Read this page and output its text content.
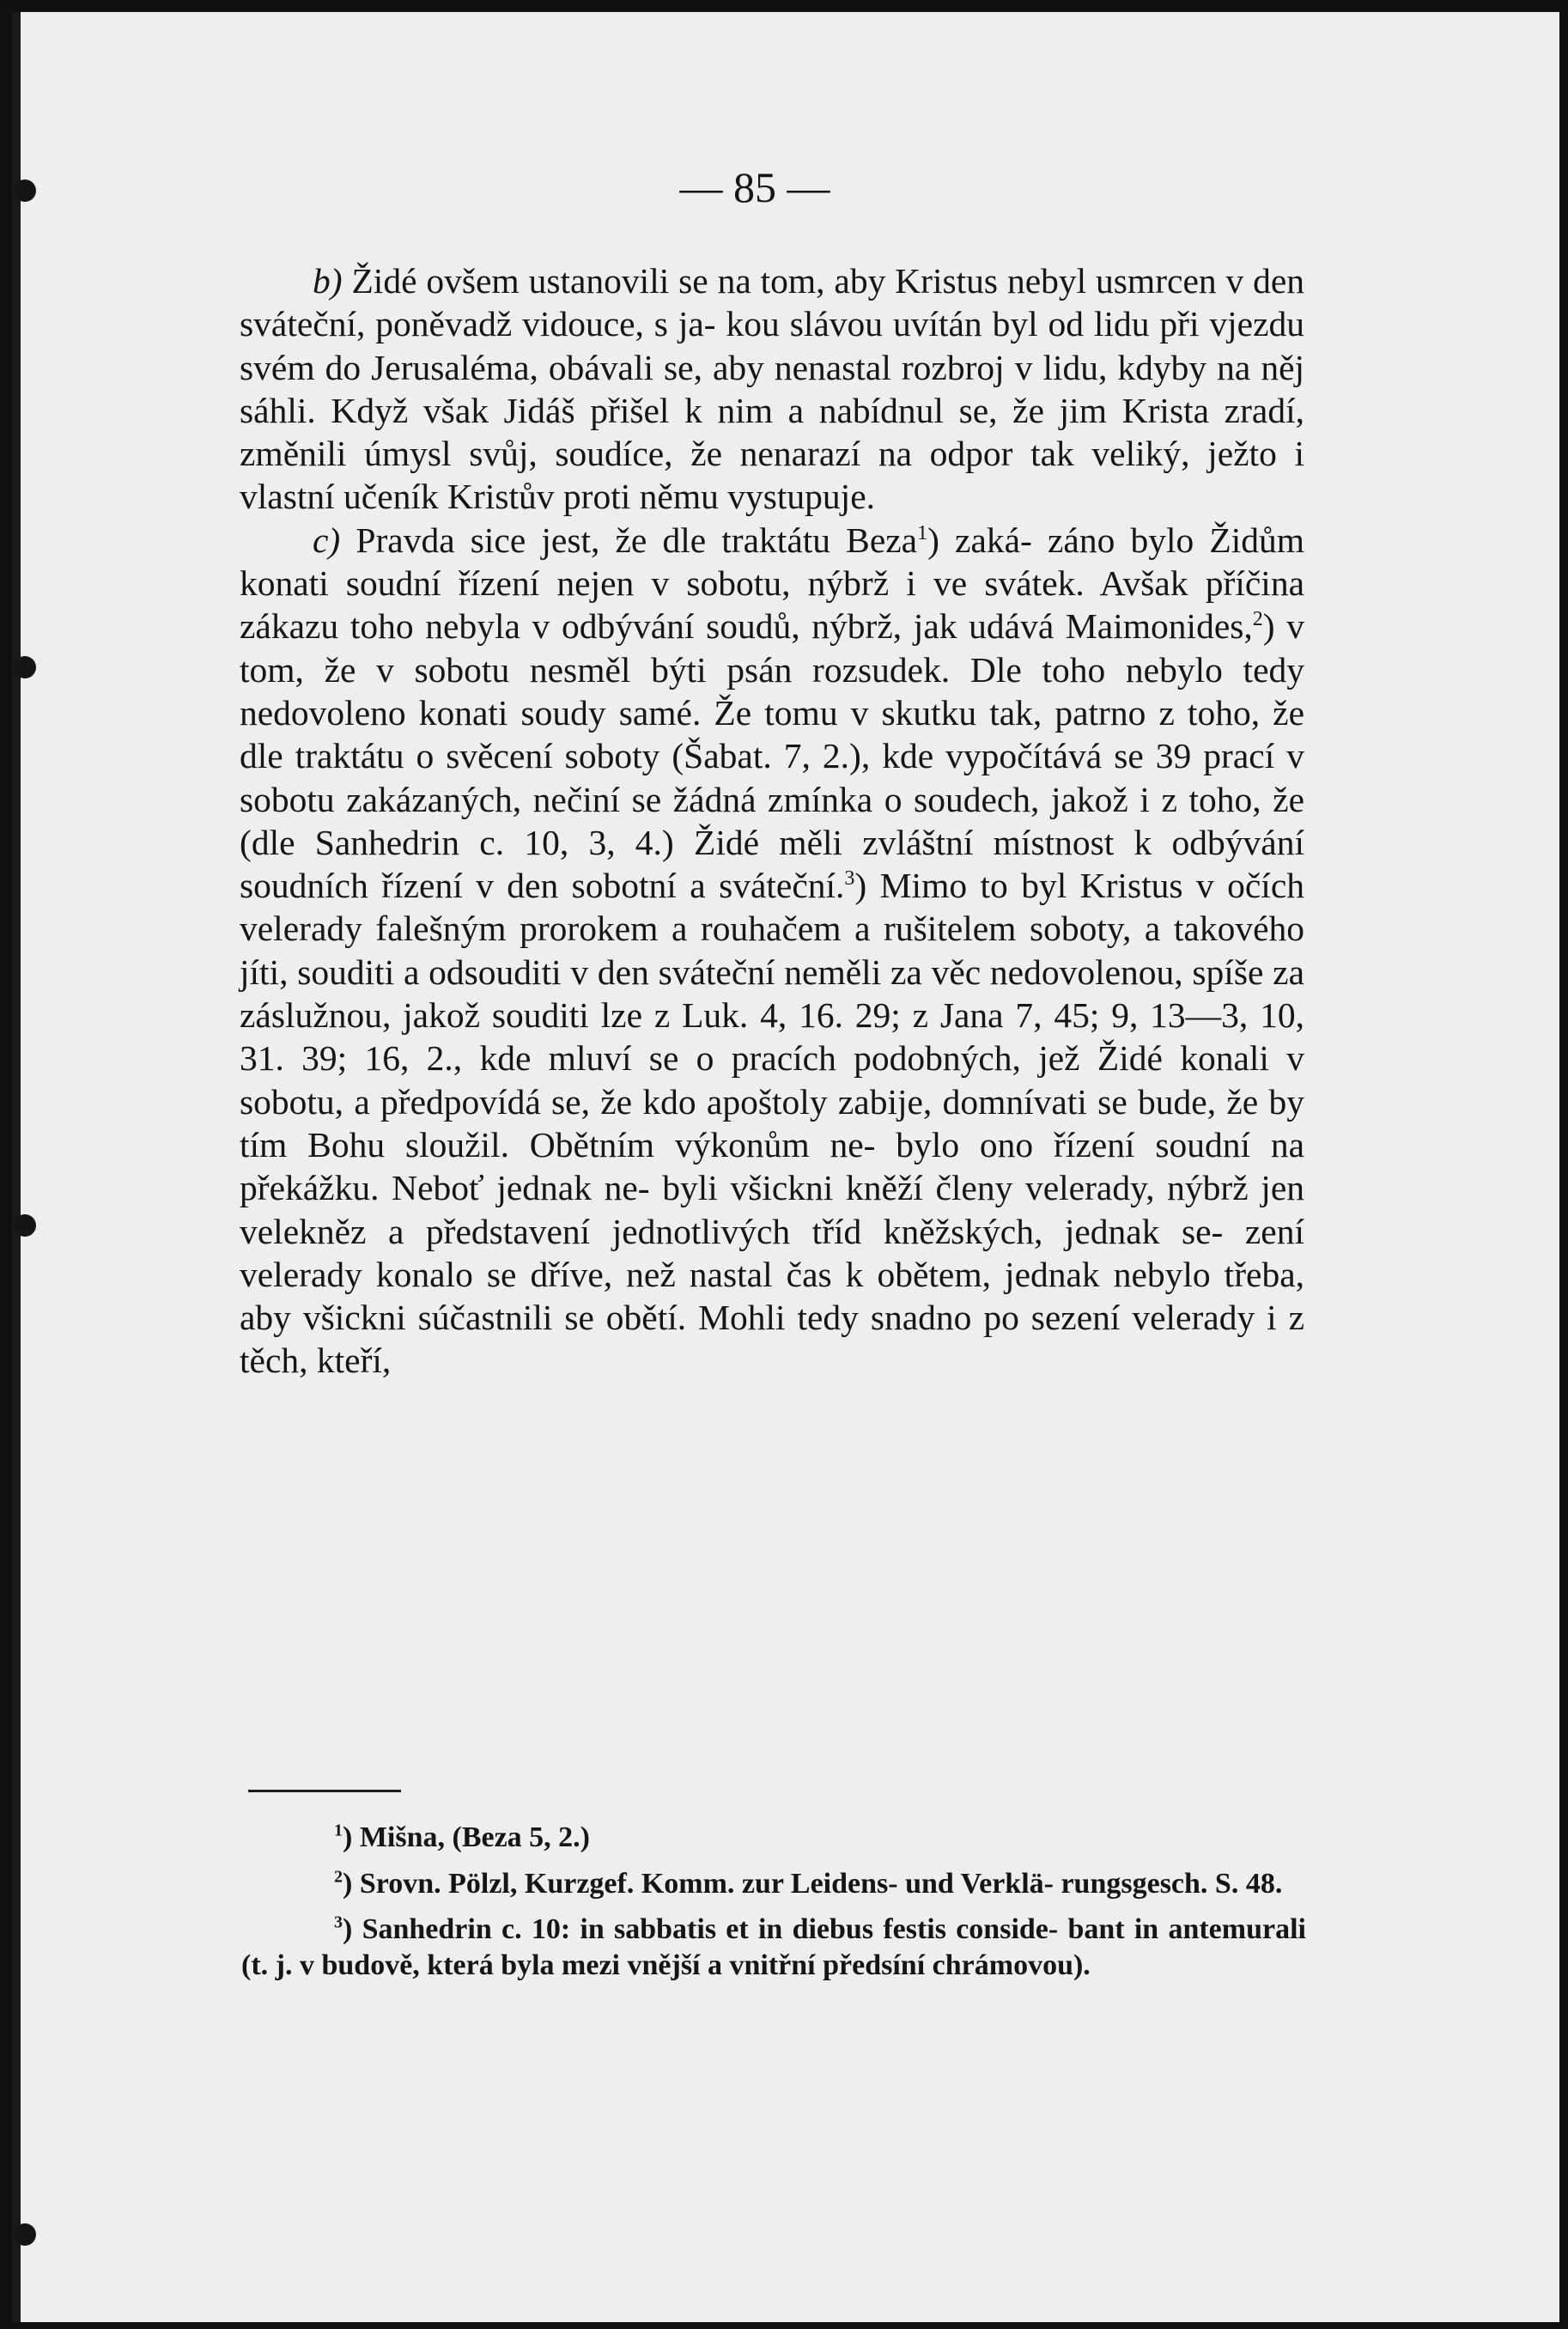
— 85 —

b) Židé ovšem ustanovili se na tom, aby Kristus nebyl usmrcen v den sváteční, poněvadž vidouce, s ja- kou slávou uvítán byl od lidu při vjezdu svém do Jerusaléma, obávali se, aby nenastal rozbroj v lidu, kdyby na něj sáhli. Když však Jidáš přišel k nim a nabídnul se, že jim Krista zradí, změnili úmysl svůj, soudíce, že nenarazí na odpor tak veliký, ježto i vlastní učeník Kristův proti němu vystupuje.

c) Pravda sice jest, že dle traktátu Beza$^1$) zaká- záno bylo Židům konati soudní řízení nejen v sobotu, nýbrž i ve svátek. Avšak příčina zákazu toho nebyla v odbývání soudů, nýbrž, jak udává Maimonides,$^2$) v tom, že v sobotu nesměl býti psán rozsudek. Dle toho nebylo tedy nedovoleno konati soudy samé. Že tomu v skutku tak, patrno z toho, že dle traktátu o svěcení soboty (Šabat. 7, 2.), kde vypočítává se 39 prací v sobotu zakázaných, nečiní se žádná zmínka o soudech, jakož i z toho, že (dle Sanhedrin c. 10, 3, 4.) Židé měli zvláštní místnost k odbývání soudních řízení v den sobotní a sváteční.$^3$) Mimo to byl Kristus v očích velerady falešným prorokem a rouhačem a rušitelem soboty, a takového jíti, souditi a odsouditi v den sváteční neměli za věc nedovolenou, spíše za záslužnou, jakož souditi lze z Luk. 4, 16. 29; z Jana 7, 45; 9, 13—3, 10, 31. 39; 16, 2., kde mluví se o pracích podobných, jež Židé konali v sobotu, a předpovídá se, že kdo apoštoly zabije, domnívati se bude, že by tím Bohu sloužil. Obětním výkonům ne- bylo ono řízení soudní na překážku. Neboť jednak ne- byli všickni kněží členy velerady, nýbrž jen velekněz a představení jednotlivých tříd kněžských, jednak se- zení velerady konalo se dříve, než nastal čas k obětem, jednak nebylo třeba, aby všickni súčastnili se obětí. Mohli tedy snadno po sezení velerady i z těch, kteří,

$^1$) Mišna, (Beza 5, 2.)

$^2$) Srovn. Pölzl, Kurzgef. Komm. zur Leidens- und Verklä- rungsgesch. S. 48.

$^3$) Sanhedrin c. 10: in sabbatis et in diebus festis conside- bant in antemurali (t. j. v budově, která byla mezi vnější a vnitřní předsíní chrámovou).
